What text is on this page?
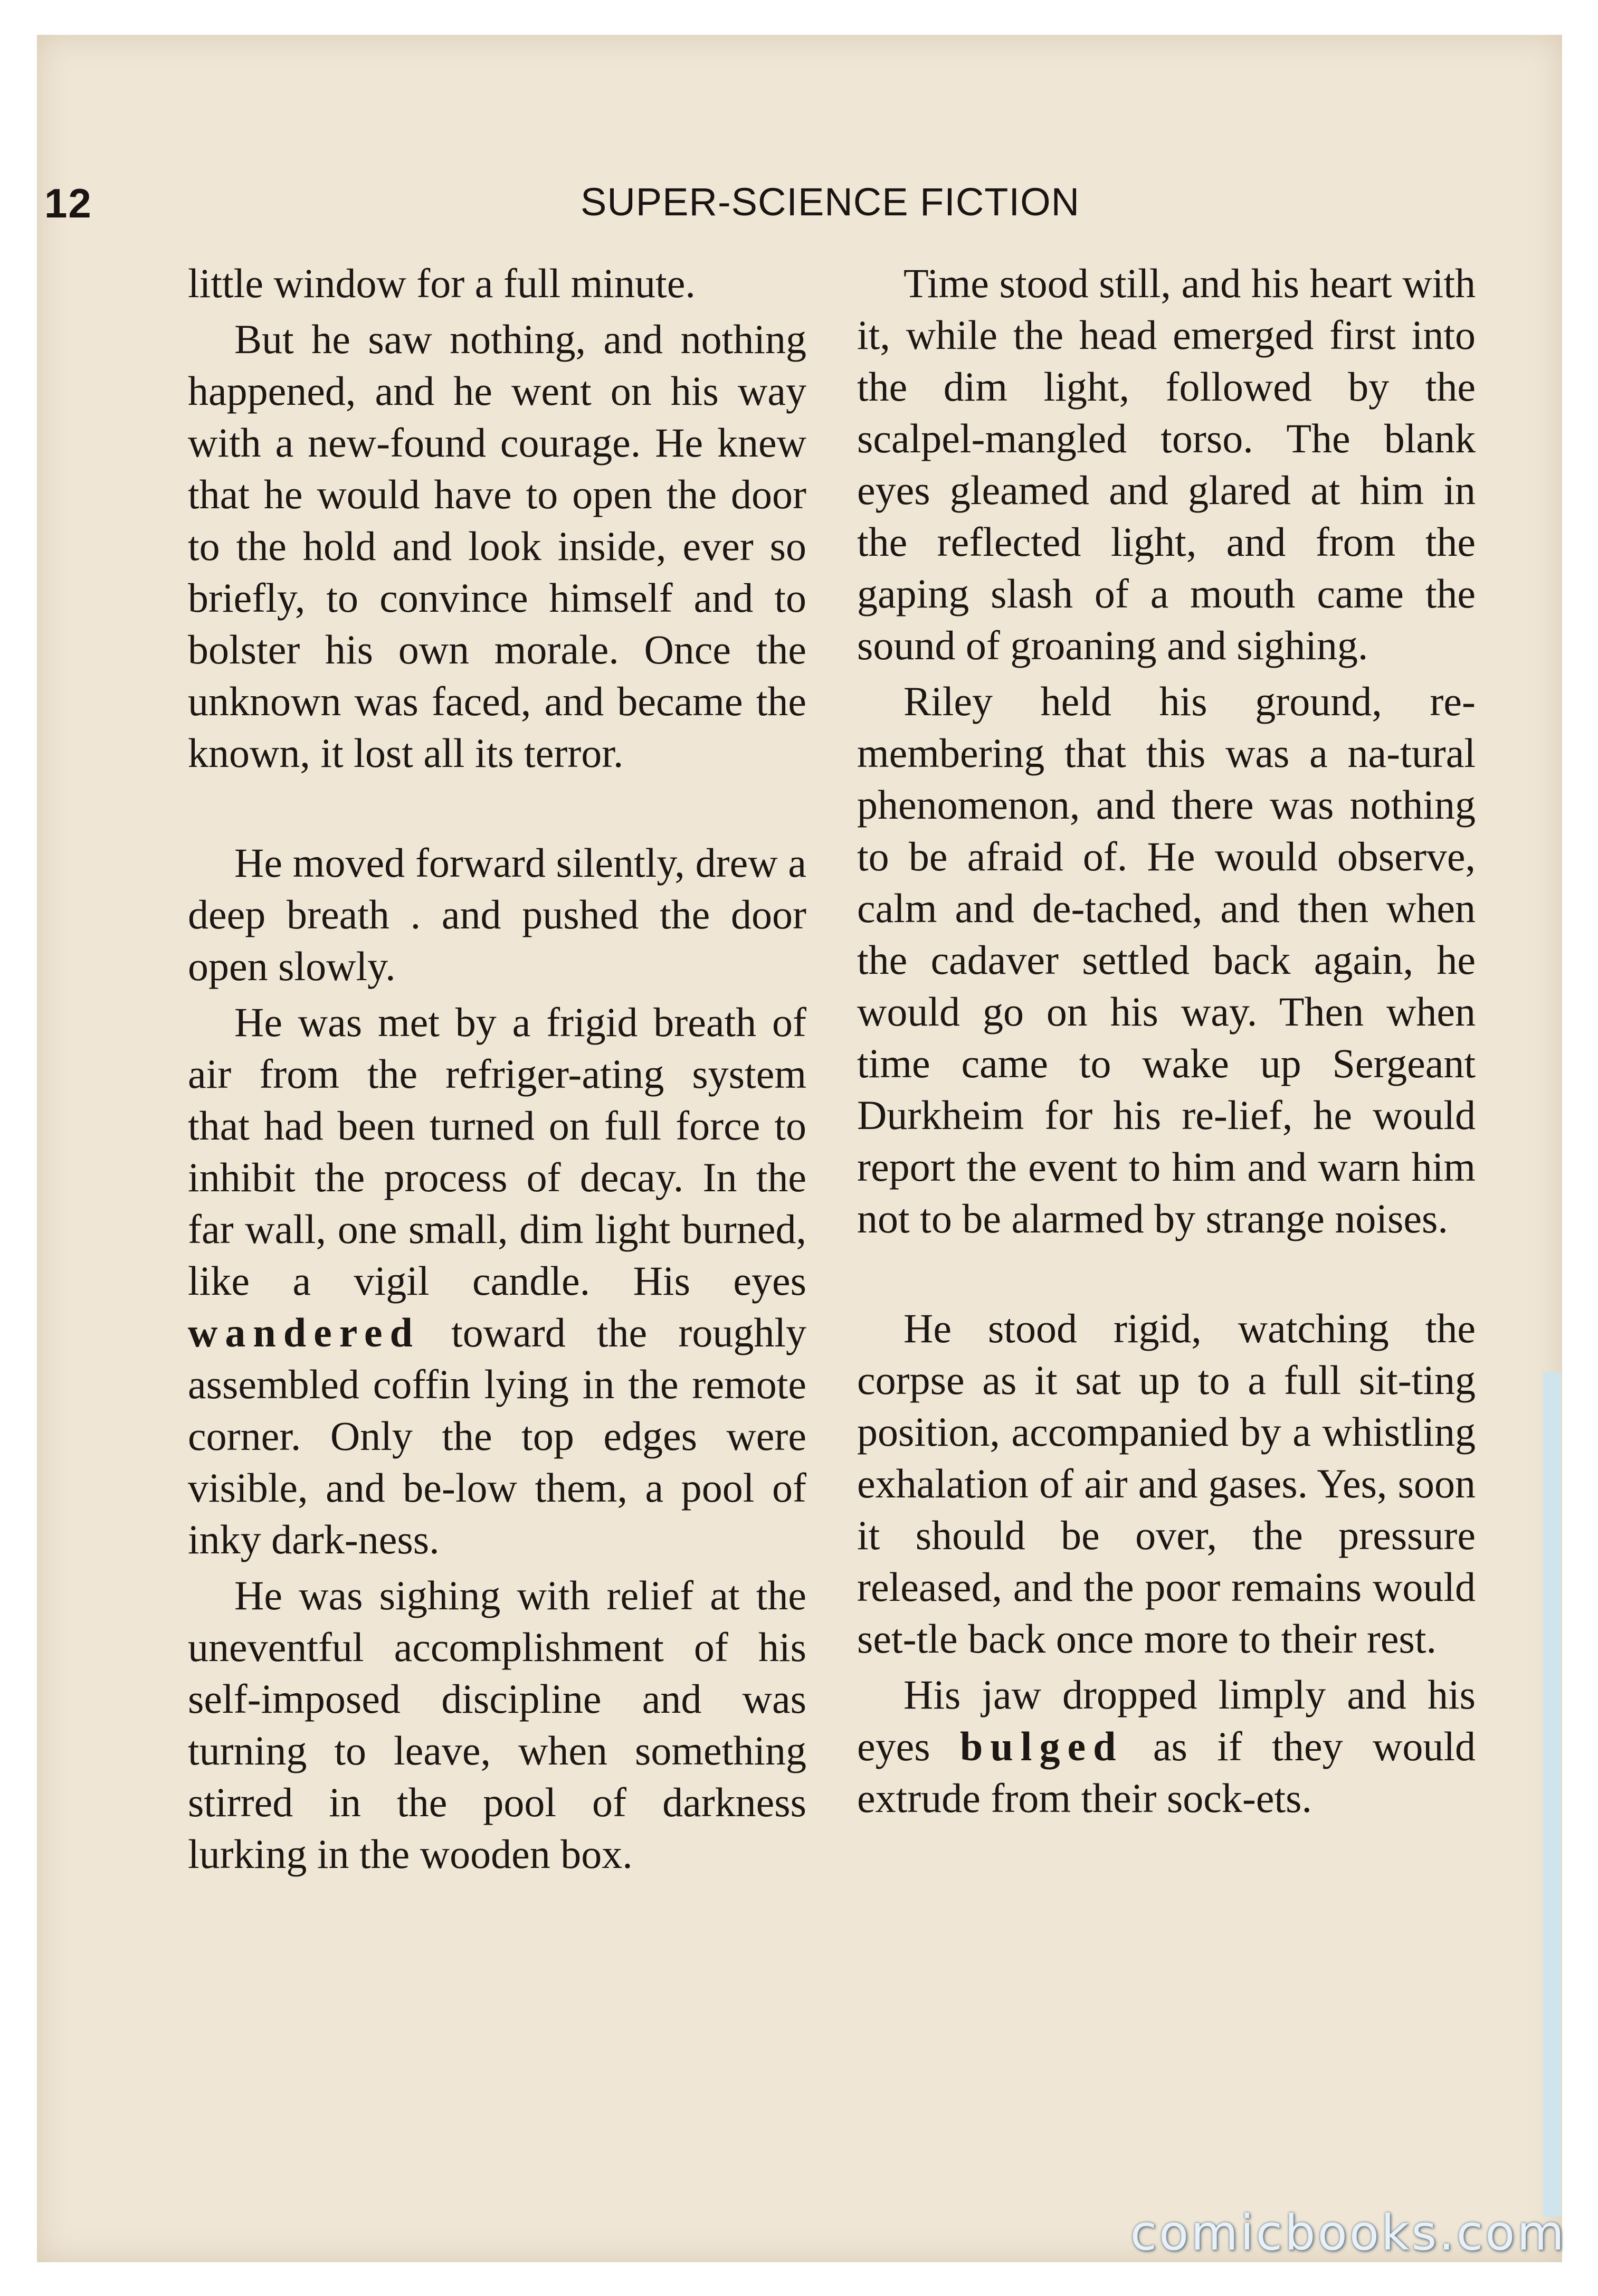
12	SUPER-SCIENCE FICTION

little window for a full minute.

But he saw nothing, and nothing happened, and he went on his way with a new-found courage. He knew that he would have to open the door to the hold and look inside, ever so briefly, to convince himself and to bolster his own morale. Once the unknown was faced, and became the known, it lost all its terror.

He moved forward silently, drew a deep breath . and pushed the door open slowly.

He was met by a frigid breath of air from the refriger-ating system that had been turned on full force to inhibit the process of decay. In the far wall, one small, dim light burned, like a vigil candle. His eyes wandered toward the roughly assembled coffin lying in the remote corner. Only the top edges were visible, and be-low them, a pool of inky dark-ness.

He was sighing with relief at the uneventful accomplishment of his self-imposed discipline and was turning to leave, when something stirred in the pool of darkness lurking in the wooden box.

Time stood still, and his heart with it, while the head emerged first into the dim light, followed by the scalpel-mangled torso. The blank eyes gleamed and glared at him in the reflected light, and from the gaping slash of a mouth came the sound of groaning and sighing.

Riley held his ground, re-membering that this was a na-tural phenomenon, and there was nothing to be afraid of. He would observe, calm and de-tached, and then when the cadaver settled back again, he would go on his way. Then when time came to wake up Sergeant Durkheim for his re-lief, he would report the event to him and warn him not to be alarmed by strange noises.

He stood rigid, watching the corpse as it sat up to a full sit-ting position, accompanied by a whistling exhalation of air and gases. Yes, soon it should be over, the pressure released, and the poor remains would set-tle back once more to their rest.

His jaw dropped limply and his eyes bulged as if they would extrude from their sock-ets.

comicbooks.com
